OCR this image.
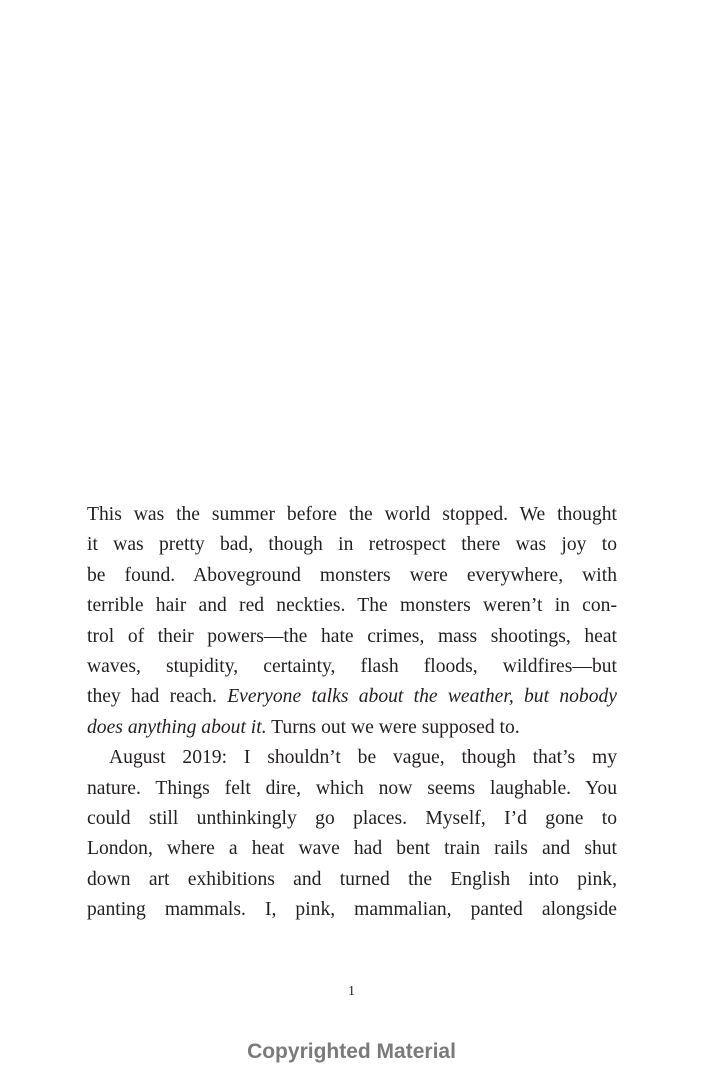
This was the summer before the world stopped. We thought
it was pretty bad, though in retrospect there was joy to
be found. Aboveground monsters were everywhere, with
terrible hair and red neckties. The monsters weren’t in con-
trol of their powers—the hate crimes, mass shootings, heat
waves, stupidity, certainty, flash floods, wildfires—but
they had reach. Everyone talks about the weather, but nobody
does anything about it. Turns out we were supposed to.
August 2019: I shouldn’t be vague, though that’s my
nature. Things felt dire, which now seems laughable. You
could still unthinkingly go places. Myself, I’d gone to
London, where a heat wave had bent train rails and shut
down art exhibitions and turned the English into pink,
panting mammals. I, pink, mammalian, panted alongside
1
Copyrighted Material
